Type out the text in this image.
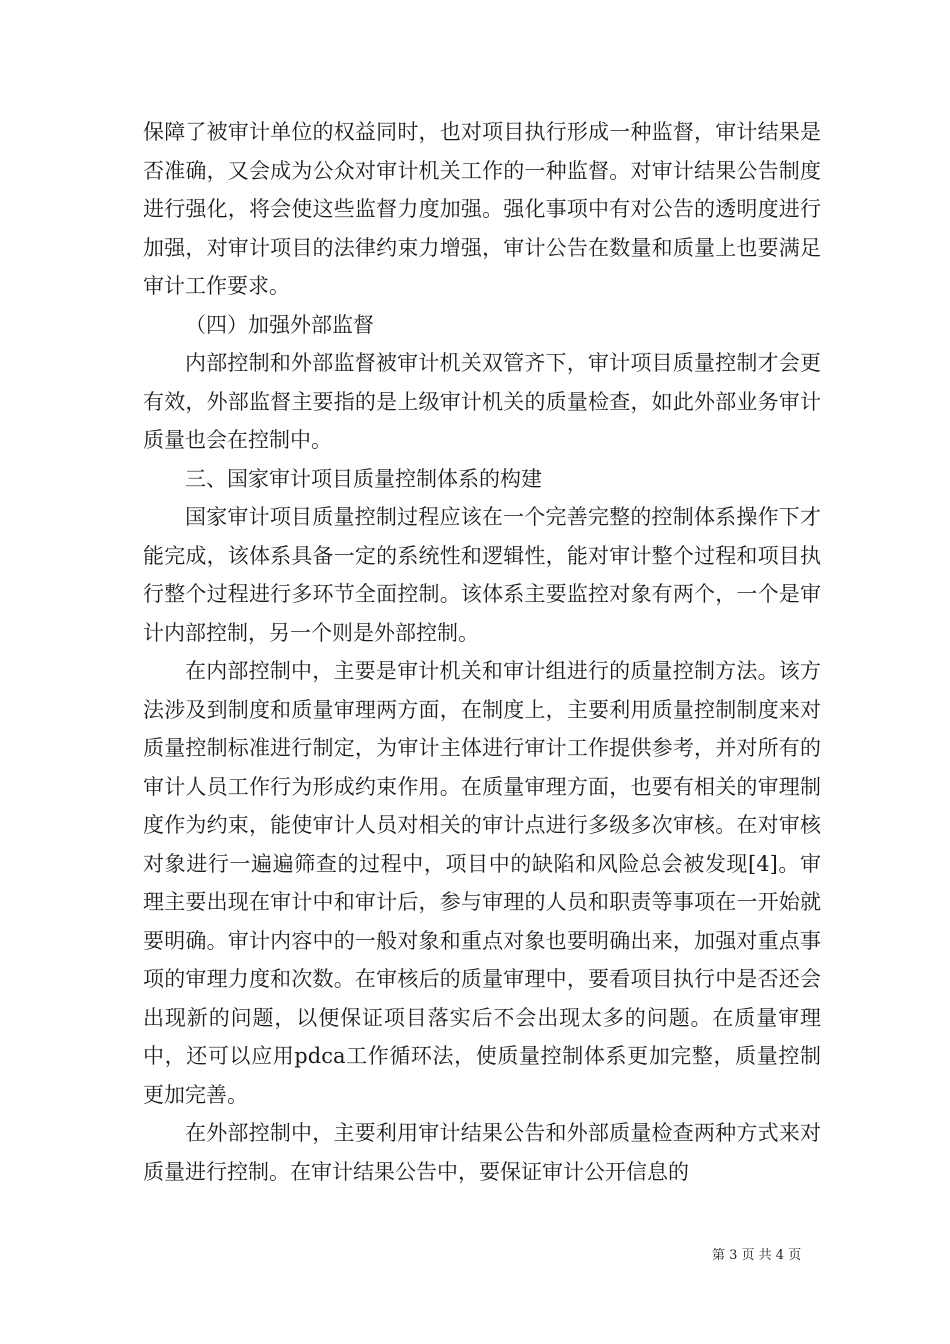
保障了被审计单位的权益同时，也对项目执行形成一种监督，审计结果是否准确，又会成为公众对审计机关工作的一种监督。对审计结果公告制度进行强化，将会使这些监督力度加强。强化事项中有对公告的透明度进行加强，对审计项目的法律约束力增强，审计公告在数量和质量上也要满足审计工作要求。

（四）加强外部监督

内部控制和外部监督被审计机关双管齐下，审计项目质量控制才会更有效，外部监督主要指的是上级审计机关的质量检查，如此外部业务审计质量也会在控制中。

三、国家审计项目质量控制体系的构建

国家审计项目质量控制过程应该在一个完善完整的控制体系操作下才能完成，该体系具备一定的系统性和逻辑性，能对审计整个过程和项目执行整个过程进行多环节全面控制。该体系主要监控对象有两个，一个是审计内部控制，另一个则是外部控制。

在内部控制中，主要是审计机关和审计组进行的质量控制方法。该方法涉及到制度和质量审理两方面，在制度上，主要利用质量控制制度来对质量控制标准进行制定，为审计主体进行审计工作提供参考，并对所有的审计人员工作行为形成约束作用。在质量审理方面，也要有相关的审理制度作为约束，能使审计人员对相关的审计点进行多级多次审核。在对审核对象进行一遍遍筛查的过程中，项目中的缺陷和风险总会被发现[4]。审理主要出现在审计中和审计后，参与审理的人员和职责等事项在一开始就要明确。审计内容中的一般对象和重点对象也要明确出来，加强对重点事项的审理力度和次数。在审核后的质量审理中，要看项目执行中是否还会出现新的问题，以便保证项目落实后不会出现太多的问题。在质量审理中，还可以应用pdca工作循环法，使质量控制体系更加完整，质量控制更加完善。

在外部控制中，主要利用审计结果公告和外部质量检查两种方式来对质量进行控制。在审计结果公告中，要保证审计公开信息的

第 3 页 共 4 页
